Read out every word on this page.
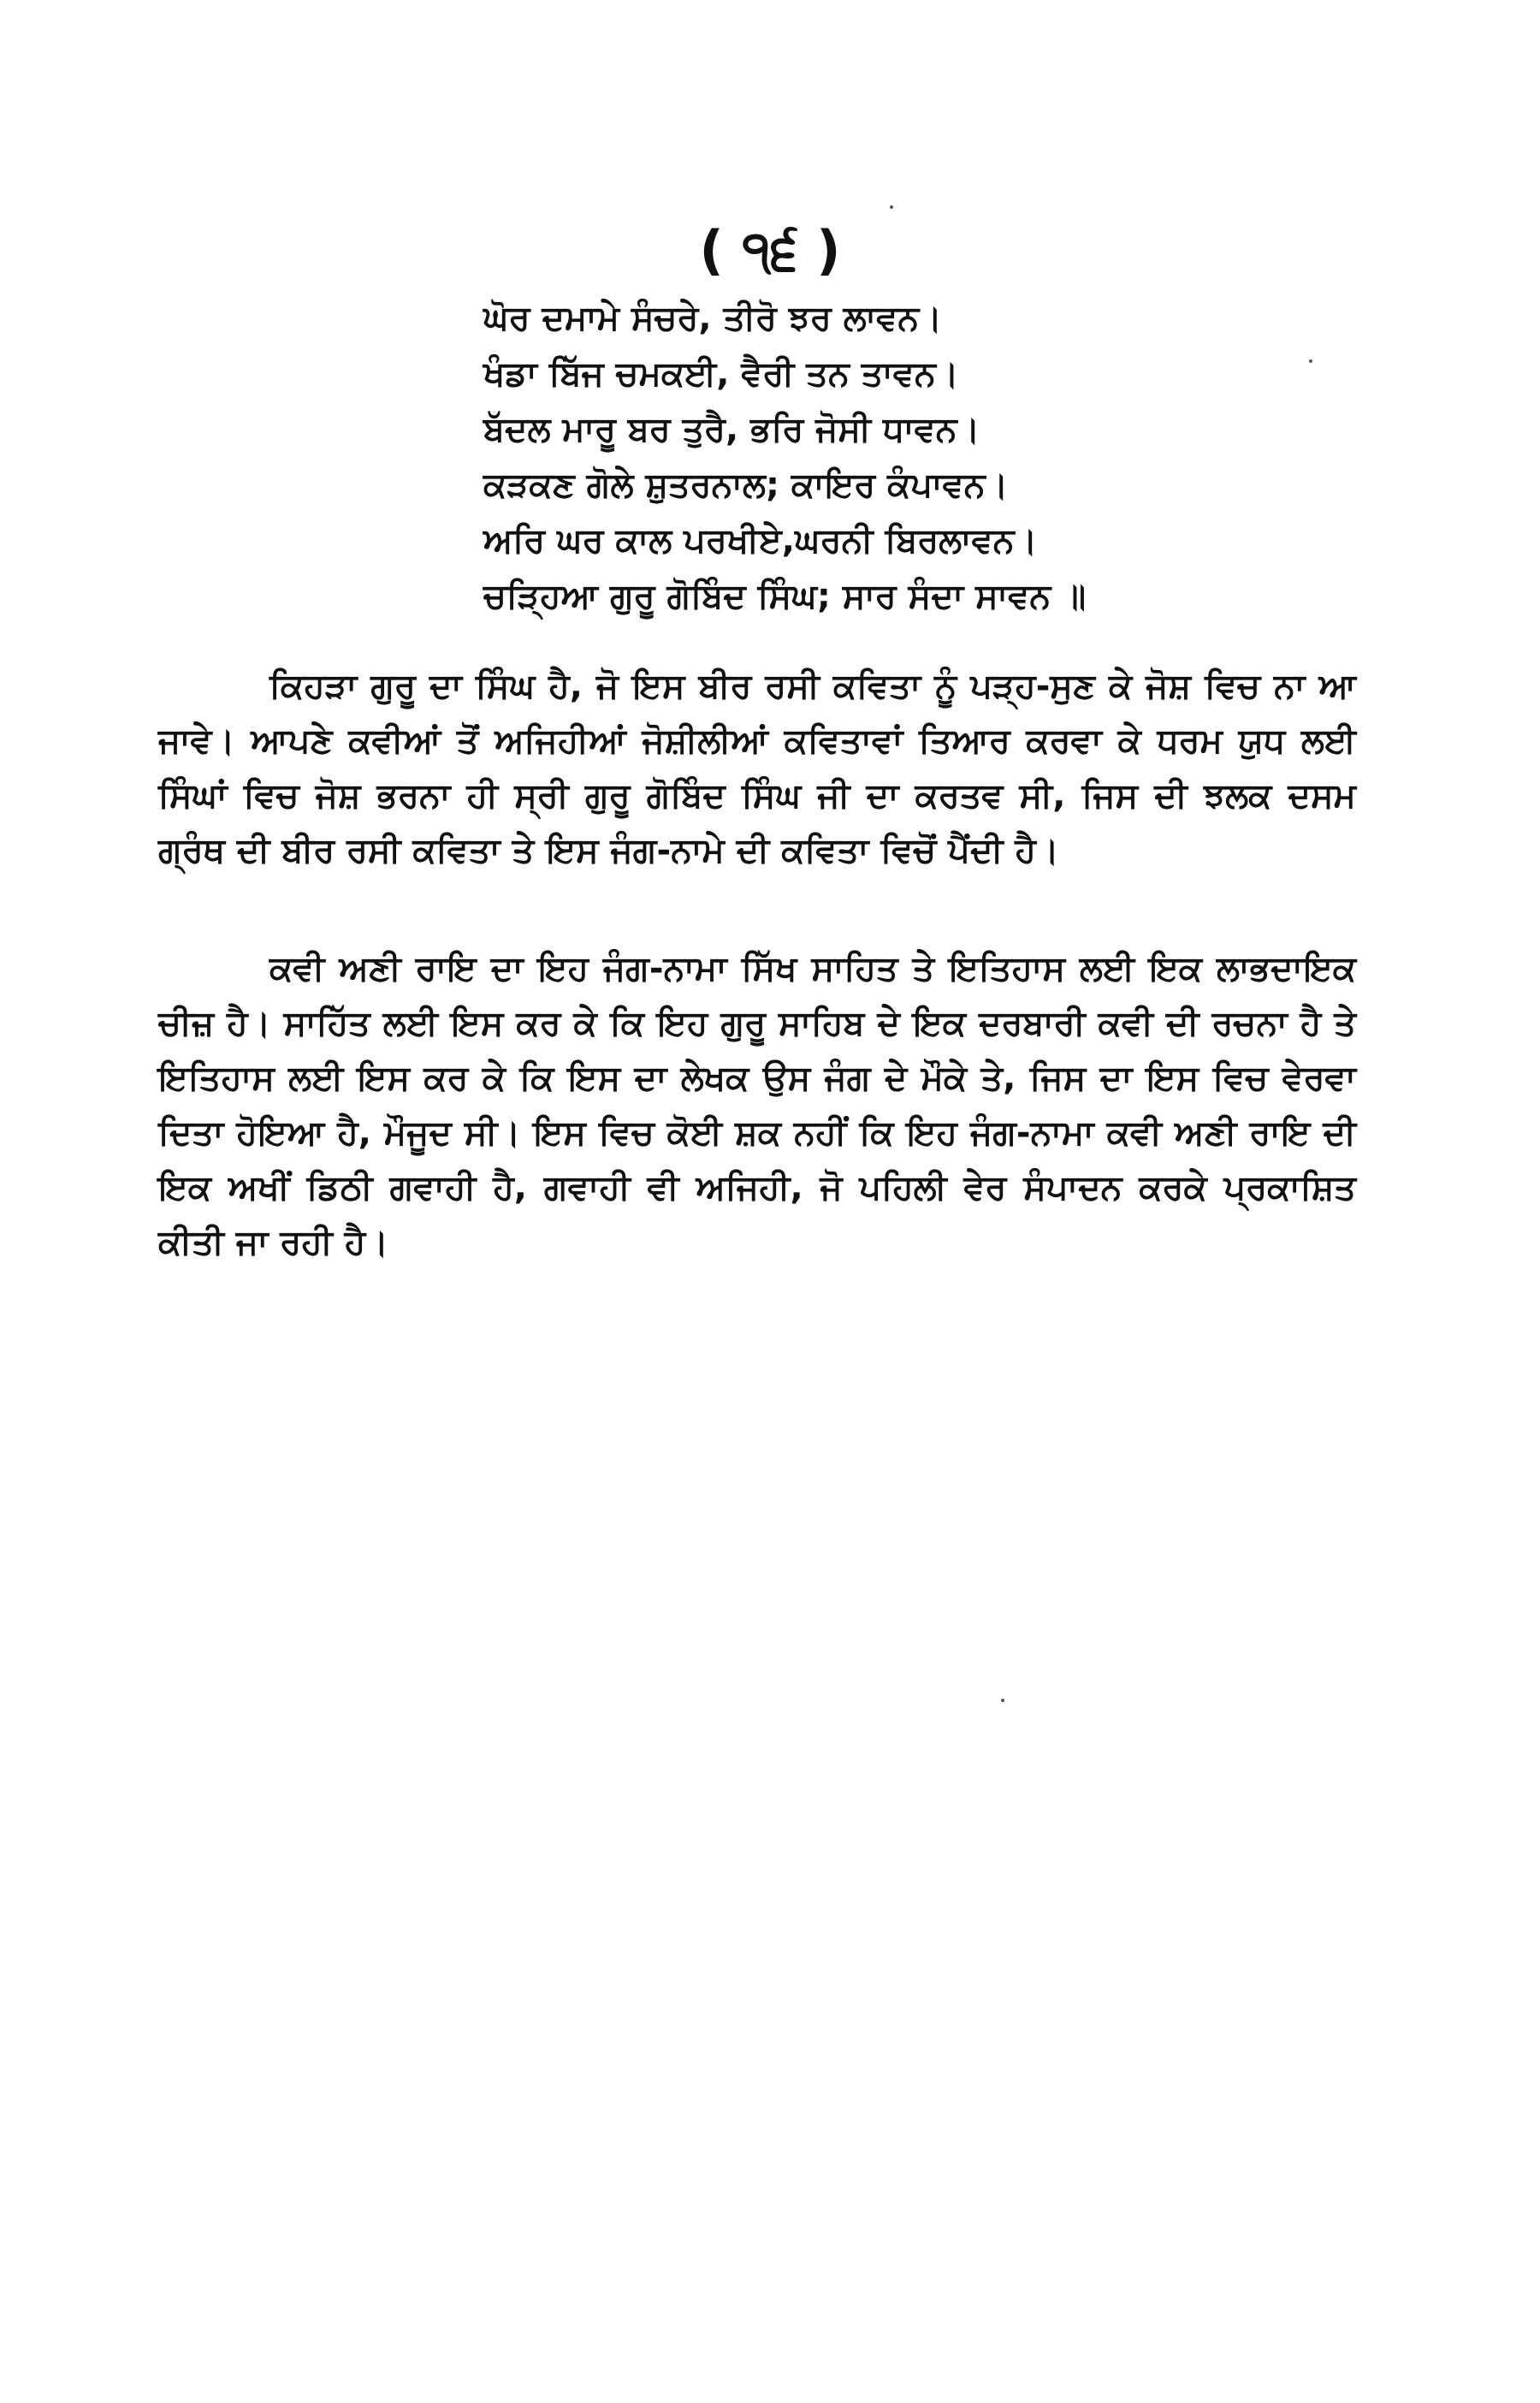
( ੧੬ )
ਘੋਰ ਦਮਾਮੇ ਸੰਚਰੇ, ਤੀਰੋ ਝਰ ਲਾਵਨ।
ਖੰਡਾ ਬਿੱਜ ਚਮਕਈ, ਵੈਰੀ ਤਨ ਤਾਵਨ।
ਬੱਦਲ ਮਾਰੂ ਬਰ ਤੁਰੈ, ਭਰਿ ਜੋਸੀ ਧਾਵਨ।
ਕੜਕਣ ਗੋਲੇ ਸ਼ੁਤਰਨਾਲ; ਕਾਇਰ ਕੰਪਾਵਨ।
ਅਰਿ ਘਰ ਕਾਲ ਪਰਖੀਏ,ਘਰਨੀ ਬਿਰਲਾਵਨ।
ਚੜ੍ਹਿਆ ਗੁਰੂ ਗੋਬਿੰਦ ਸਿੰਘ; ਸਾਰ ਸੰਦਾ ਸਾਵਨ ॥

ਕਿਹੜਾ ਗੁਰੂ ਦਾ ਸਿੰਘ ਹੈ, ਜੋ ਇਸ ਬੀਰ ਰਸੀ ਕਵਿਤਾ ਨੂੰ ਪੜ੍ਹ-ਸੁਣ ਕੇ ਜੋਸ਼ ਵਿਚ ਨਾ ਆ ਜਾਵੇ। ਆਪਣੇ ਕਵੀਆਂ ਤੋਂ ਅਜਿਹੀਆਂ ਜੋਸ਼ੀਲੀਆਂ ਕਵਿਤਾਵਾਂ ਤਿਆਰ ਕਰਵਾ ਕੇ ਧਰਮ ਯੁਧ ਲਈ ਸਿੰਘਾਂ ਵਿਚ ਜੋਸ਼ ਭਰਨਾ ਹੀ ਸ੍ਰੀ ਗੁਰੂ ਗੋਬਿੰਦ ਸਿੰਘ ਜੀ ਦਾ ਕਰਤਵ ਸੀ, ਜਿਸ ਦੀ ਝਲਕ ਦਸਮ ਗ੍ਰੰਥ ਦੀ ਬੀਰ ਰਸੀ ਕਵਿਤਾ ਤੇ ਇਸ ਜੰਗ-ਨਾਮੇ ਦੀ ਕਵਿਤਾ ਵਿਚੋਂ ਪੈਂਦੀ ਹੈ।

ਕਵੀ ਅਣੀ ਰਾਇ ਦਾ ਇਹ ਜੰਗ-ਨਾਮਾ ਸਿੱਖ ਸਾਹਿਤ ਤੇ ਇਤਿਹਾਸ ਲਈ ਇਕ ਲਾਭਦਾਇਕ ਚੀਜ਼ ਹੈ। ਸਾਹਿੱਤ ਲਈ ਇਸ ਕਰ ਕੇ ਕਿ ਇਹ ਗੁਰੂ ਸਾਹਿਬ ਦੇ ਇਕ ਦਰਬਾਰੀ ਕਵੀ ਦੀ ਰਚਨਾ ਹੈ ਤੇ ਇਤਿਹਾਸ ਲਈ ਇਸ ਕਰ ਕੇ ਕਿ ਇਸ ਦਾ ਲੇਖਕ ਉਸ ਜੰਗ ਦੇ ਮੌਕੇ ਤੇ, ਜਿਸ ਦਾ ਇਸ ਵਿਚ ਵੇਰਵਾ ਦਿਤਾ ਹੋਇਆ ਹੈ, ਮੌਜੂਦ ਸੀ। ਇਸ ਵਿਚ ਕੋਈ ਸ਼ਕ ਨਹੀਂ ਕਿ ਇਹ ਜੰਗ-ਨਾਮਾ ਕਵੀ ਅਣੀ ਰਾਇ ਦੀ ਇਕ ਅਖੀਂ ਡਿਠੀ ਗਵਾਹੀ ਹੈ, ਗਵਾਹੀ ਵੀ ਅਜਿਹੀ, ਜੋ ਪਹਿਲੀ ਵੇਰ ਸੰਪਾਦਨ ਕਰਕੇ ਪ੍ਰਕਾਸ਼ਿਤ ਕੀਤੀ ਜਾ ਰਹੀ ਹੈ।
